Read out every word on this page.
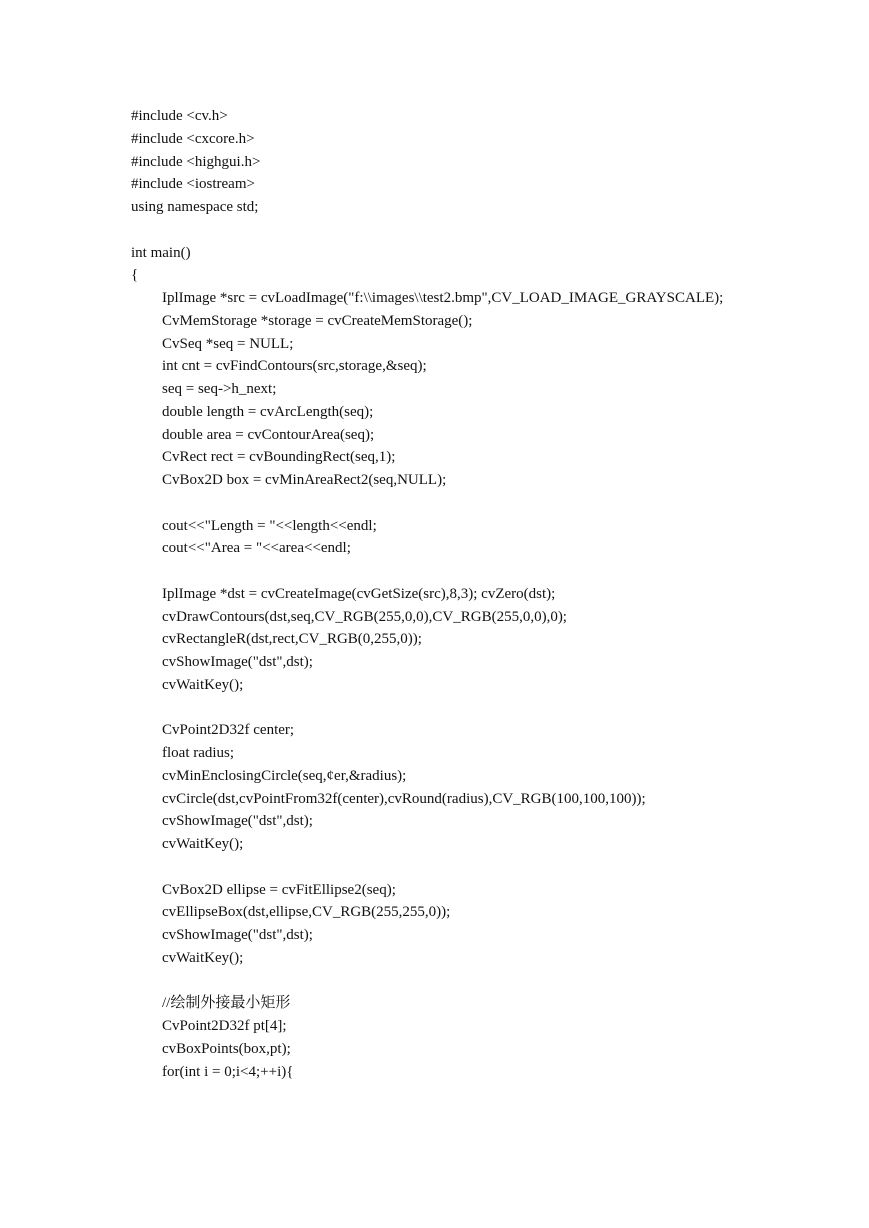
#include <cv.h>
#include <cxcore.h>
#include <highgui.h>
#include <iostream>
using namespace std;
int main()
{
IplImage *src = cvLoadImage("f:\\images\\test2.bmp",CV_LOAD_IMAGE_GRAYSCALE);
CvMemStorage *storage = cvCreateMemStorage();
CvSeq *seq = NULL;
int cnt = cvFindContours(src,storage,&seq);
seq = seq->h_next;
double length = cvArcLength(seq);
double area = cvContourArea(seq);
CvRect rect = cvBoundingRect(seq,1);
CvBox2D box = cvMinAreaRect2(seq,NULL);
cout<<"Length = "<<length<<endl;
cout<<"Area = "<<area<<endl;
IplImage *dst = cvCreateImage(cvGetSize(src),8,3); cvZero(dst);
cvDrawContours(dst,seq,CV_RGB(255,0,0),CV_RGB(255,0,0),0);
cvRectangleR(dst,rect,CV_RGB(0,255,0));
cvShowImage("dst",dst);
cvWaitKey();
CvPoint2D32f center;
float radius;
cvMinEnclosingCircle(seq,¢er,&radius);
cvCircle(dst,cvPointFrom32f(center),cvRound(radius),CV_RGB(100,100,100));
cvShowImage("dst",dst);
cvWaitKey();
CvBox2D ellipse = cvFitEllipse2(seq);
cvEllipseBox(dst,ellipse,CV_RGB(255,255,0));
cvShowImage("dst",dst);
cvWaitKey();
//绘制外接最小矩形
CvPoint2D32f pt[4];
cvBoxPoints(box,pt);
for(int i = 0;i<4;++i){
